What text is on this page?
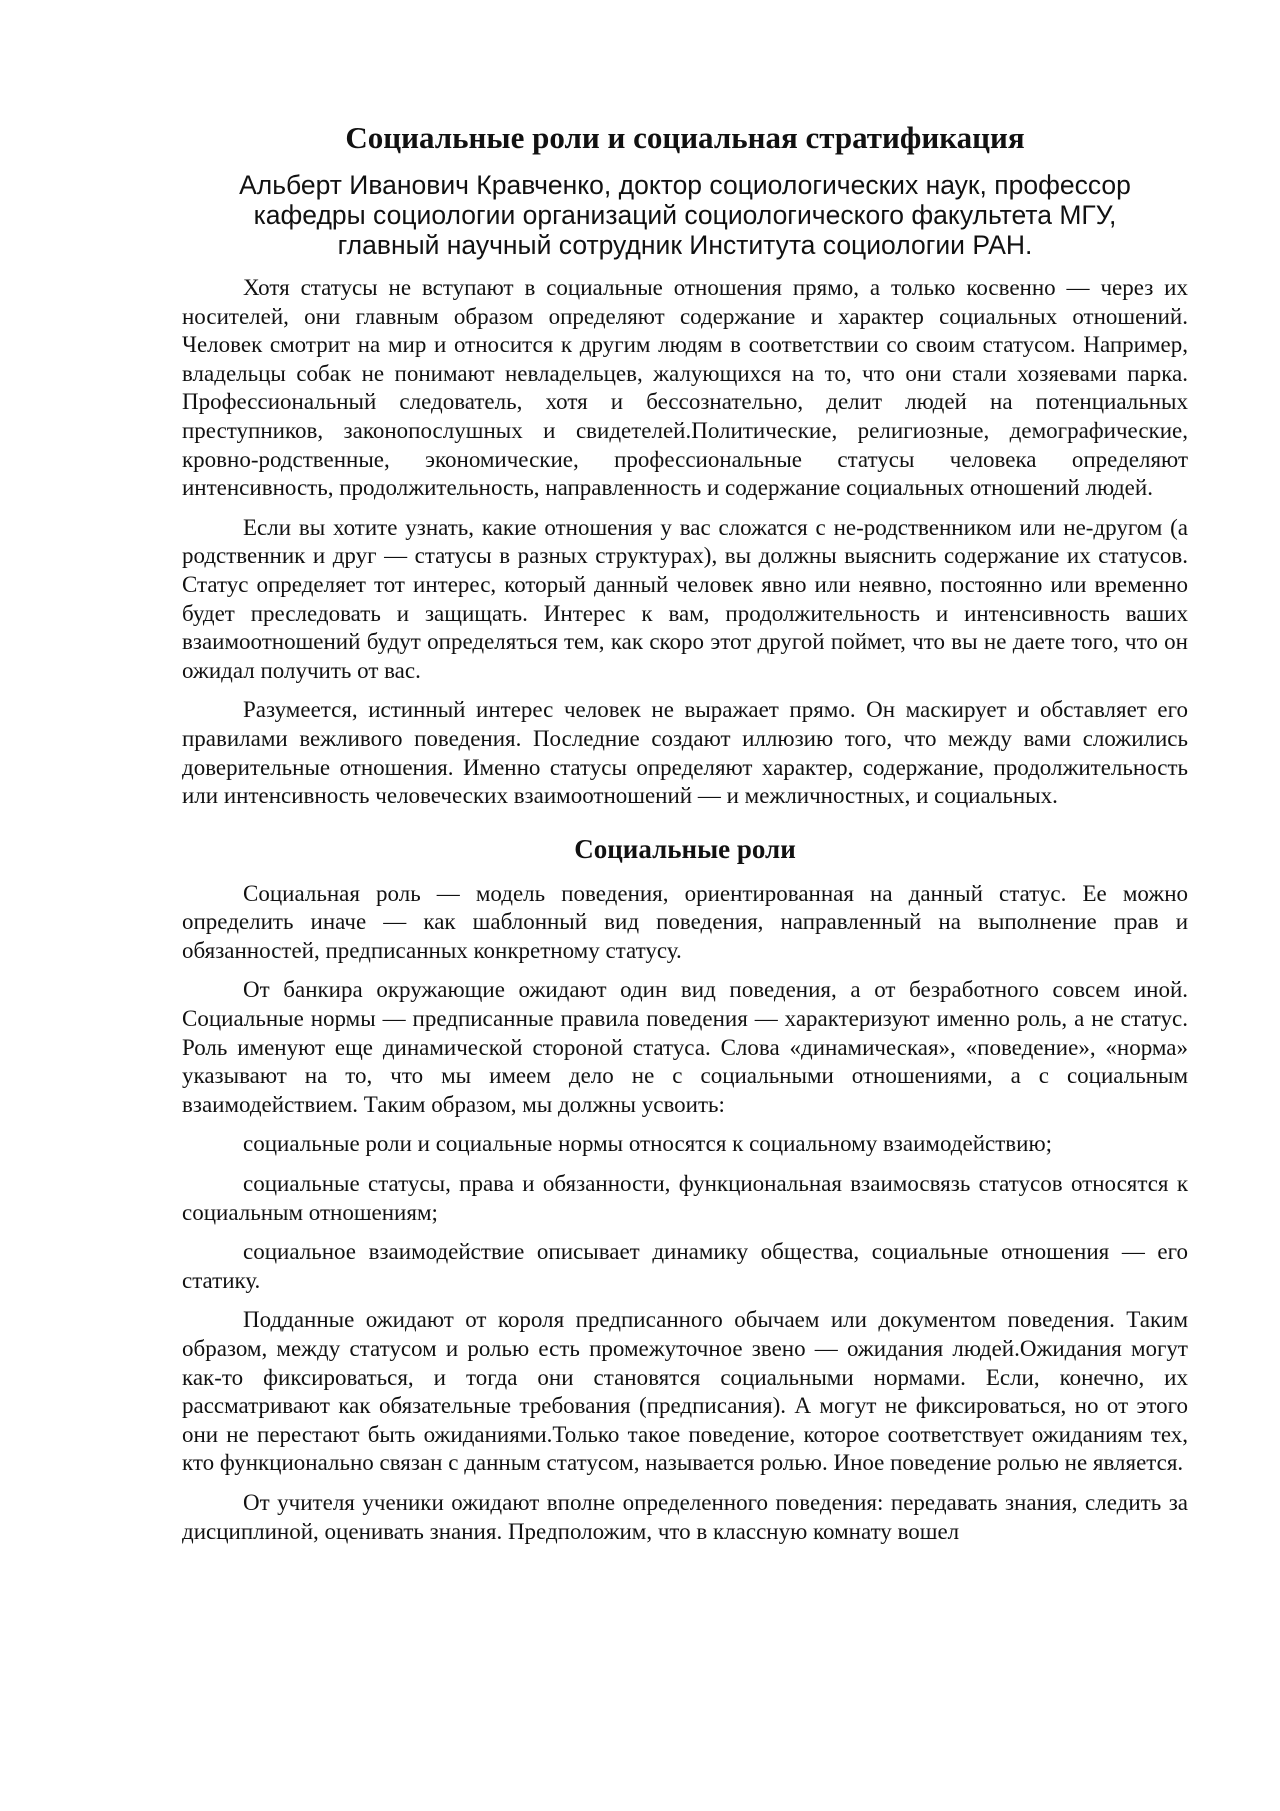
Социальные роли и социальная стратификация
Альберт Иванович Кравченко, доктор социологических наук, профессор
кафедры социологии организаций социологического факультета МГУ,
главный научный сотрудник Института социологии РАН.

Хотя статусы не вступают в социальные отношения прямо, а только косвенно — через их носителей, они главным образом определяют содержание и характер социальных отношений. Человек смотрит на мир и относится к другим людям в соответствии со своим статусом. Например, владельцы собак не понимают невладельцев, жалующихся на то, что они стали хозяевами парка. Профессиональный следователь, хотя и бессознательно, делит людей на потенциальных преступников, законопослушных и свидетелей.Политические, религиозные, демографические, кровно-родственные, экономические, профессиональные статусы человека определяют интенсивность, продолжительность, направленность и содержание социальных отношений людей.

Если вы хотите узнать, какие отношения у вас сложатся с не-родственником или не-другом (а родственник и друг — статусы в разных структурах), вы должны выяснить содержание их статусов. Статус определяет тот интерес, который данный человек явно или неявно, постоянно или временно будет преследовать и защищать. Интерес к вам, продолжительность и интенсивность ваших взаимоотношений будут определяться тем, как скоро этот другой поймет, что вы не даете того, что он ожидал получить от вас.

Разумеется, истинный интерес человек не выражает прямо. Он маскирует и обставляет его правилами вежливого поведения. Последние создают иллюзию того, что между вами сложились доверительные отношения. Именно статусы определяют характер, содержание, продолжительность или интенсивность человеческих взаимоотношений — и межличностных, и социальных.

Социальные роли

Социальная роль — модель поведения, ориентированная на данный статус. Ее можно определить иначе — как шаблонный вид поведения, направленный на выполнение прав и обязанностей, предписанных конкретному статусу.

От банкира окружающие ожидают один вид поведения, а от безработного совсем иной. Социальные нормы — предписанные правила поведения — характеризуют именно роль, а не статус. Роль именуют еще динамической стороной статуса. Слова «динамическая», «поведение», «норма» указывают на то, что мы имеем дело не с социальными отношениями, а с социальным взаимодействием. Таким образом, мы должны усвоить:

социальные роли и социальные нормы относятся к социальному взаимодействию;

социальные статусы, права и обязанности, функциональная взаимосвязь статусов относятся к социальным отношениям;

социальное взаимодействие описывает динамику общества, социальные отношения — его статику.

Подданные ожидают от короля предписанного обычаем или документом поведения. Таким образом, между статусом и ролью есть промежуточное звено — ожидания людей.Ожидания могут как-то фиксироваться, и тогда они становятся социальными нормами. Если, конечно, их рассматривают как обязательные требования (предписания). А могут не фиксироваться, но от этого они не перестают быть ожиданиями.Только такое поведение, которое соответствует ожиданиям тех, кто функционально связан с данным статусом, называется ролью. Иное поведение ролью не является.

От учителя ученики ожидают вполне определенного поведения: передавать знания, следить за дисциплиной, оценивать знания. Предположим, что в классную комнату вошел
